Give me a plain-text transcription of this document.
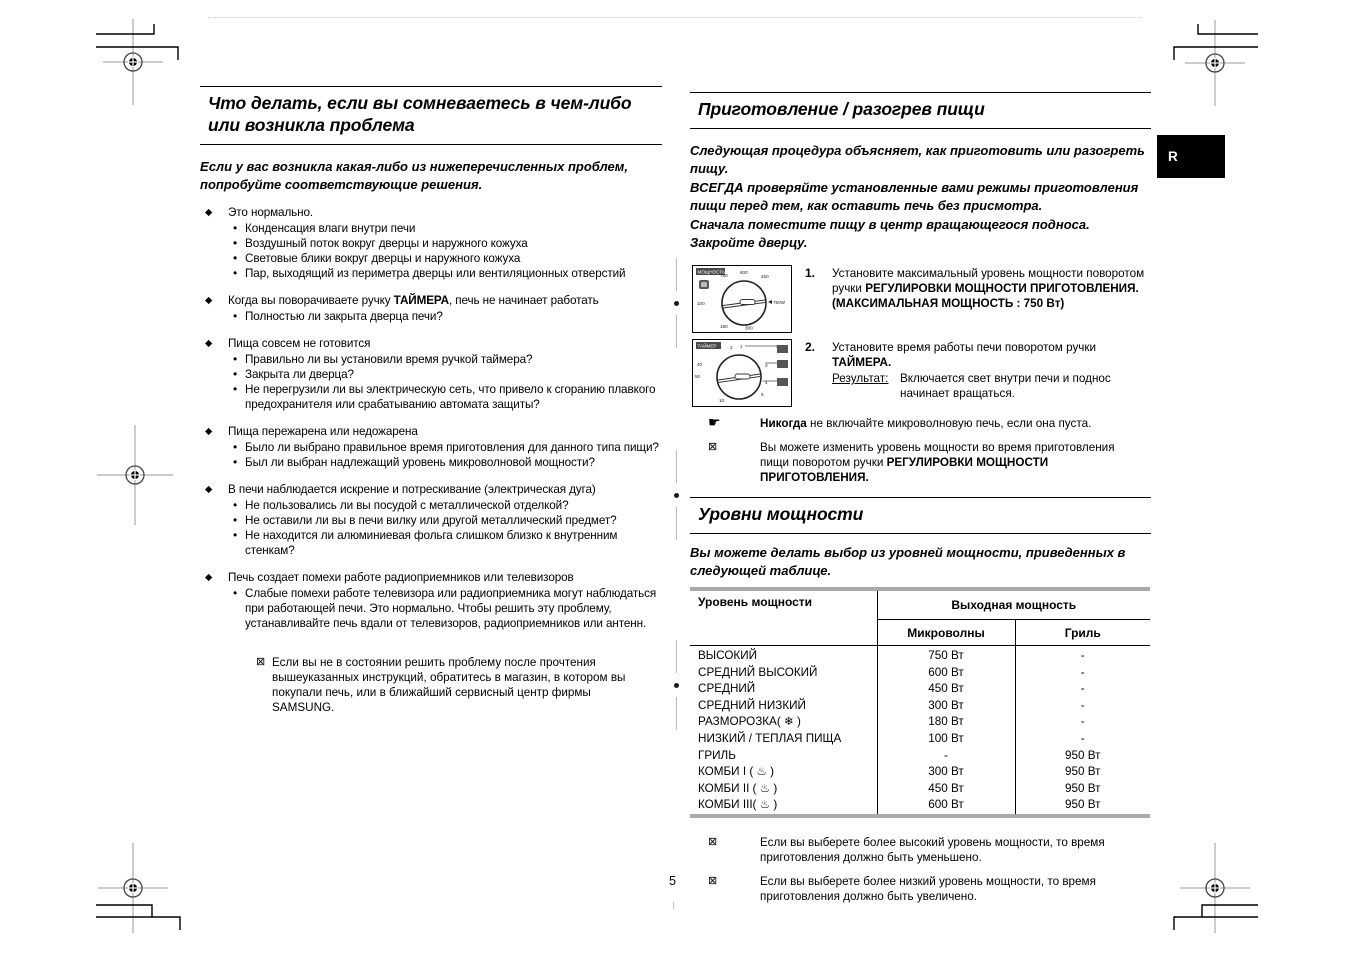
R
Что делать, если вы сомневаетесь в чем-либо или возникла проблема
Если у вас возникла какая-либо из нижеперечисленных проблем, попробуйте соответствующие решения.
◆	Это нормально.
• Конденсация влаги внутри печи
• Воздушный поток вокруг дверцы и наружного кожуха
• Световые блики вокруг дверцы и наружного кожуха
• Пар, выходящий из периметра дверцы или вентиляционных отверстий
◆	Когда вы поворачиваете ручку ТАЙМЕРА, печь не начинает работать
• Полностью ли закрыта дверца печи?
◆	Пища совсем не готовится
• Правильно ли вы установили время ручкой таймера?
• Закрыта ли дверца?
• Не перегрузили ли вы электрическую сеть, что привело к сгоранию плавкого предохранителя или срабатыванию автомата защиты?
◆	Пища пережарена или недожарена
• Было ли выбрано правильное время приготовления для данного типа пищи?
• Был ли выбран надлежащий уровень микроволновой мощности?
◆	В печи наблюдается искрение и потрескивание (электрическая дуга)
• Не пользовались ли вы посудой с металлической отделкой?
• Не оставили ли вы в печи вилку или другой металлический предмет?
• Не находится ли алюминиевая фольга слишком близко к внутренним стенкам?
◆	Печь создает помехи работе радиоприемников или телевизоров
• Слабые помехи работе телевизора или радиоприемника могут наблюдаться при работающей печи. Это нормально. Чтобы решить эту проблему, устанавливайте печь вдали от телевизоров, радиоприемников или антенн.
⊠ Если вы не в состоянии решить проблему после прочтения вышеуказанных инструкций, обратитесь в магазин, в котором вы покупали печь, или в ближайший сервисный центр фирмы SAMSUNG.
Приготовление / разогрев пищи

Следующая процедура объясняет, как приготовить или разогреть пищу.

ВСЕГДА проверяйте установленные вами режимы приготовления пищи перед тем, как оставить печь без присмотра.

Сначала поместите пищу в центр вращающегося подноса. Закройте дверцу.

МОЩНОСТЬ
750
600
450
750W
100
180	300
1.	Установите максимальный уровень мощности поворотом ручки РЕГУЛИРОВКИ МОЩНОСТИ ПРИГОТОВЛЕНИЯ.
(МАКСИМАЛЬНАЯ МОЩНОСТЬ : 750 Вт)
ТАЙМЕР	2 1
3
4
5
40
50
10
2.	Установите время работы печи поворотом ручки ТАЙМЕРА.
Результат: Включается свет внутри печи и поднос начинает вращаться.
☛	Никогда не включайте микроволновую печь, если она пуста.
⊠	Вы можете изменить уровень мощности во время приготовления пищи поворотом ручки РЕГУЛИРОВКИ МОЩНОСТИ ПРИГОТОВЛЕНИЯ.
Уровни мощности
Вы можете делать выбор из уровней мощности, приведенных в следующей таблице.
Уровень мощности	Выходная мощность	
	Микроволны	Гриль
ВЫСОКИЙ	750 Вт	-
СРЕДНИЙ ВЫСОКИЙ	600 Вт	-
СРЕДНИЙ	450 Вт	-
СРЕДНИЙ НИЗКИЙ	300 Вт	-
РАЗМОРОЗКА( ❄ )	180 Вт	-
НИЗКИЙ / ТЕПЛАЯ ПИЩА	100 Вт	-
ГРИЛЬ	-	950 Вт
КОМБИ I ( ♨ )	300 Вт	950 Вт
КОМБИ II ( ♨ )	450 Вт	950 Вт
КОМБИ III( ♨ )	600 Вт	950 Вт
⊠	Если вы выберете более высокий уровень мощности, то время приготовления должно быть уменьшено.
⊠	Если вы выберете более низкий уровень мощности, то время приготовления должно быть увеличено.
5
